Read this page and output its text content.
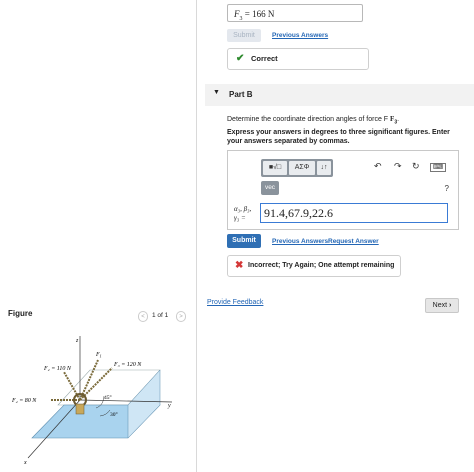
Figure	<	1 of 1	>
z
$F_1$
F₃ = 120 N
F₂ = 110 N
F₄ = 80 N	45°
30°
y
x
$F_3 = 166$ N
Submit	Previous Answers
✔ Correct
▼ Part B
Determine the coordinate direction angles of force F $F_3$.
Express your answers in degrees to three significant figures. Enter your answers separated by commas.
■√□	AΣΦ	↓↑
vec
↶ ↷ ↻	⌨
?
α₃, β₃,
γ₃ =	91.4,67.9,22.6
Submit	Previous Answers Request Answer
✖ Incorrect; Try Again; One attempt remaining
Provide Feedback	Next ›
